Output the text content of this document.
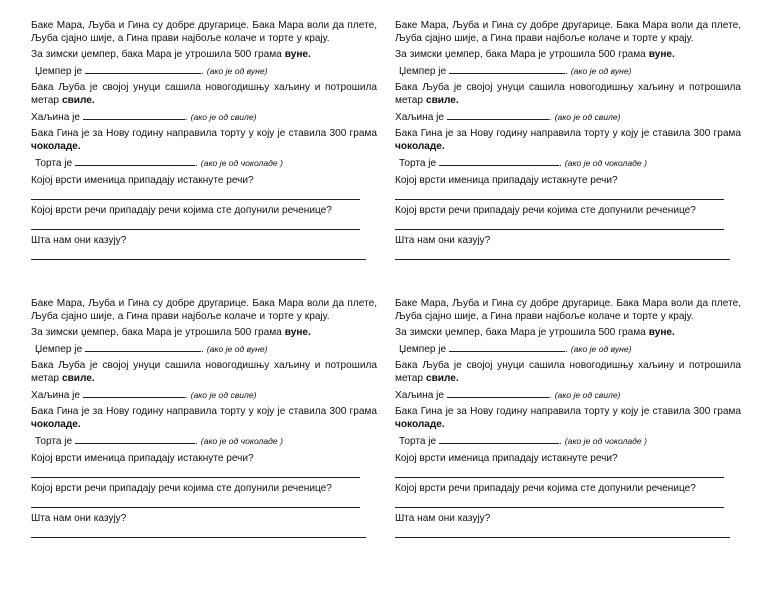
Баке Мара, Љуба и Гина су добре другарице. Бака Мара воли да плете, Љуба сјајно шије, а Гина прави најбоље колаче и торте у крају.

За зимски џемпер, бака Мара је утрошила 500 грама вуне.

Џемпер је	. (ако је од вуне)

Бака Љуба је својој унуци сашила новогодишњу хаљину и потрошила метар свиле.

Хаљина је	. (ако је од свиле)

Бака Гина је за Нову годину направила торту у коју је ставила 300 грама чоколаде.

Торта је	. (ако је од чоколаде )
Којој врсти именица припадају истакнуте речи?
Којој врсти речи припадају речи којима сте допунили реченице?
Шта нам они казују?

Баке Мара, Љуба и Гина су добре другарице. Бака Мара воли да плете, Љуба сјајно шије, а Гина прави најбоље колаче и торте у крају.

За зимски џемпер, бака Мара је утрошила 500 грама вуне.

Џемпер је	. (ако је од вуне)

Бака Љуба је својој унуци сашила новогодишњу хаљину и потрошила метар свиле.

Хаљина је	. (ако је од свиле)

Бака Гина је за Нову годину направила торту у коју је ставила 300 грама чоколаде.

Торта је	. (ако је од чоколаде )
Којој врсти именица припадају истакнуте речи?
Којој врсти речи припадају речи којима сте допунили реченице?
Шта нам они казују?

Баке Мара, Љуба и Гина су добре другарице. Бака Мара воли да плете, Љуба сјајно шије, а Гина прави најбоље колаче и торте у крају.

За зимски џемпер, бака Мара је утрошила 500 грама вуне.

Џемпер је	. (ако је од вуне)

Бака Љуба је својој унуци сашила новогодишњу хаљину и потрошила метар свиле.

Хаљина је	. (ако је од свиле)

Бака Гина је за Нову годину направила торту у коју је ставила 300 грама чоколаде.

Торта је	. (ако је од чоколаде )
Којој врсти именица припадају истакнуте речи?
Којој врсти речи припадају речи којима сте допунили реченице?
Шта нам они казују?

Баке Мара, Љуба и Гина су добре другарице. Бака Мара воли да плете, Љуба сјајно шије, а Гина прави најбоље колаче и торте у крају.

За зимски џемпер, бака Мара је утрошила 500 грама вуне.

Џемпер је	. (ако је од вуне)

Бака Љуба је својој унуци сашила новогодишњу хаљину и потрошила метар свиле.

Хаљина је	. (ако је од свиле)

Бака Гина је за Нову годину направила торту у коју је ставила 300 грама чоколаде.

Торта је	. (ако је од чоколаде )
Којој врсти именица припадају истакнуте речи?
Којој врсти речи припадају речи којима сте допунили реченице?
Шта нам они казују?
